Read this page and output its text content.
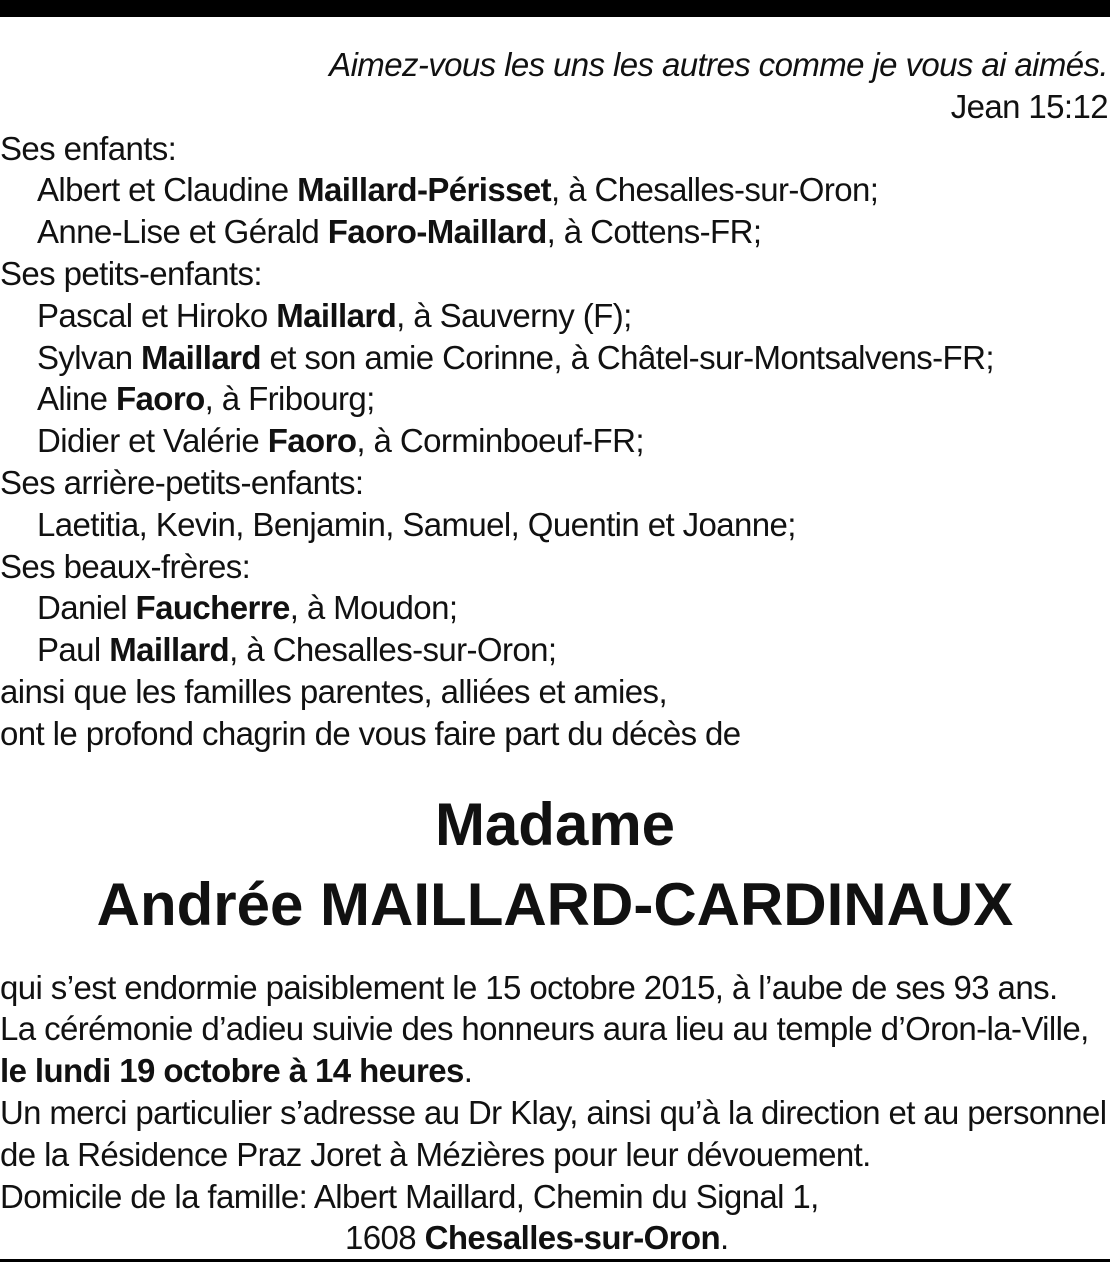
Aimez-vous les uns les autres comme je vous ai aimés.
Jean 15:12
Ses enfants:
Albert et Claudine Maillard-Périsset, à Chesalles-sur-Oron;
Anne-Lise et Gérald Faoro-Maillard, à Cottens-FR;
Ses petits-enfants:
Pascal et Hiroko Maillard, à Sauverny (F);
Sylvan Maillard et son amie Corinne, à Châtel-sur-Montsalvens-FR;
Aline Faoro, à Fribourg;
Didier et Valérie Faoro, à Corminboeuf-FR;
Ses arrière-petits-enfants:
Laetitia, Kevin, Benjamin, Samuel, Quentin et Joanne;
Ses beaux-frères:
Daniel Faucherre, à Moudon;
Paul Maillard, à Chesalles-sur-Oron;
ainsi que les familles parentes, alliées et amies,
ont le profond chagrin de vous faire part du décès de
Madame
Andrée MAILLARD-CARDINAUX
qui s’est endormie paisiblement le 15 octobre 2015, à l’aube de ses 93 ans.
La cérémonie d’adieu suivie des honneurs aura lieu au temple d’Oron-la-Ville,
le lundi 19 octobre à 14 heures.
Un merci particulier s’adresse au Dr Klay, ainsi qu’à la direction et au personnel
de la Résidence Praz Joret à Mézières pour leur dévouement.
Domicile de la famille: Albert Maillard, Chemin du Signal 1,
1608 Chesalles-sur-Oron.
